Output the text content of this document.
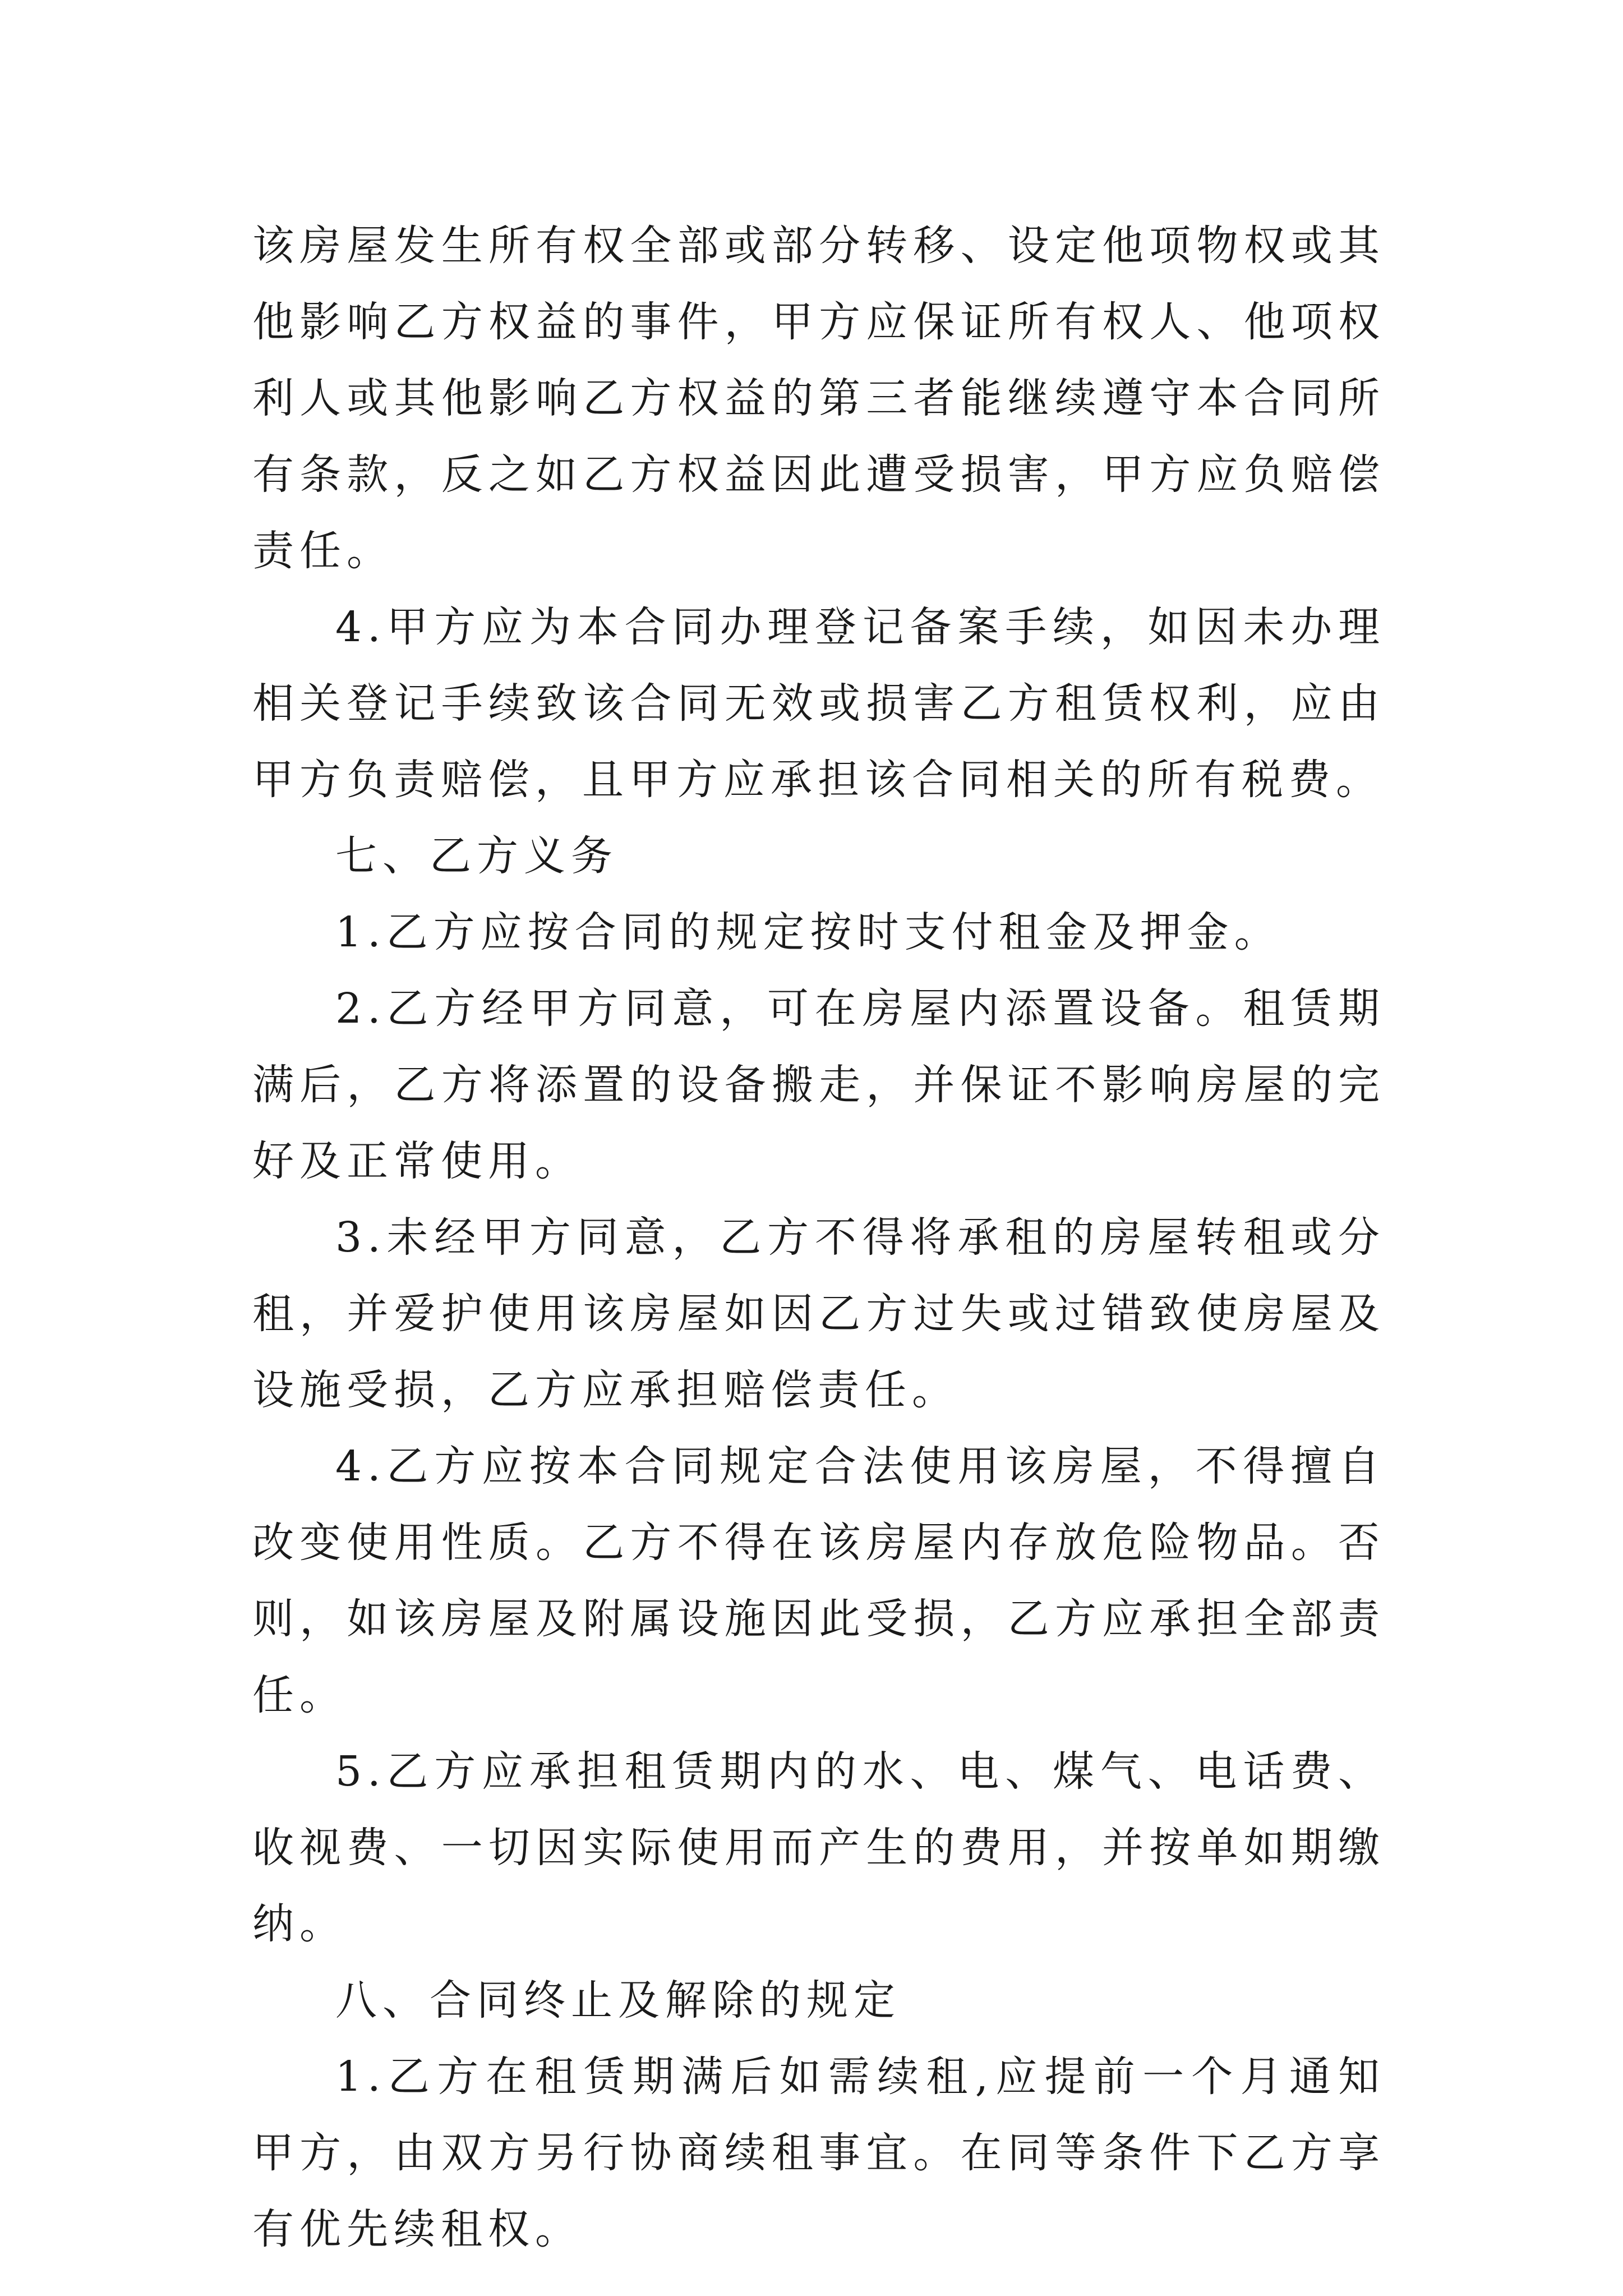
该房屋发生所有权全部或部分转移、设定他项物权或其他影响乙方权益的事件，甲方应保证所有权人、他项权利人或其他影响乙方权益的第三者能继续遵守本合同所有条款，反之如乙方权益因此遭受损害，甲方应负赔偿责任。

4.甲方应为本合同办理登记备案手续，如因未办理相关登记手续致该合同无效或损害乙方租赁权利，应由甲方负责赔偿，且甲方应承担该合同相关的所有税费。

七、乙方义务

1.乙方应按合同的规定按时支付租金及押金。

2.乙方经甲方同意，可在房屋内添置设备。租赁期满后，乙方将添置的设备搬走，并保证不影响房屋的完好及正常使用。

3.未经甲方同意，乙方不得将承租的房屋转租或分租，并爱护使用该房屋如因乙方过失或过错致使房屋及设施受损，乙方应承担赔偿责任。

4.乙方应按本合同规定合法使用该房屋，不得擅自改变使用性质。乙方不得在该房屋内存放危险物品。否则，如该房屋及附属设施因此受损，乙方应承担全部责任。

5.乙方应承担租赁期内的水、电、煤气、电话费、收视费、一切因实际使用而产生的费用，并按单如期缴纳。

八、合同终止及解除的规定

1.乙方在租赁期满后如需续租,应提前一个月通知甲方，由双方另行协商续租事宜。在同等条件下乙方享有优先续租权。
